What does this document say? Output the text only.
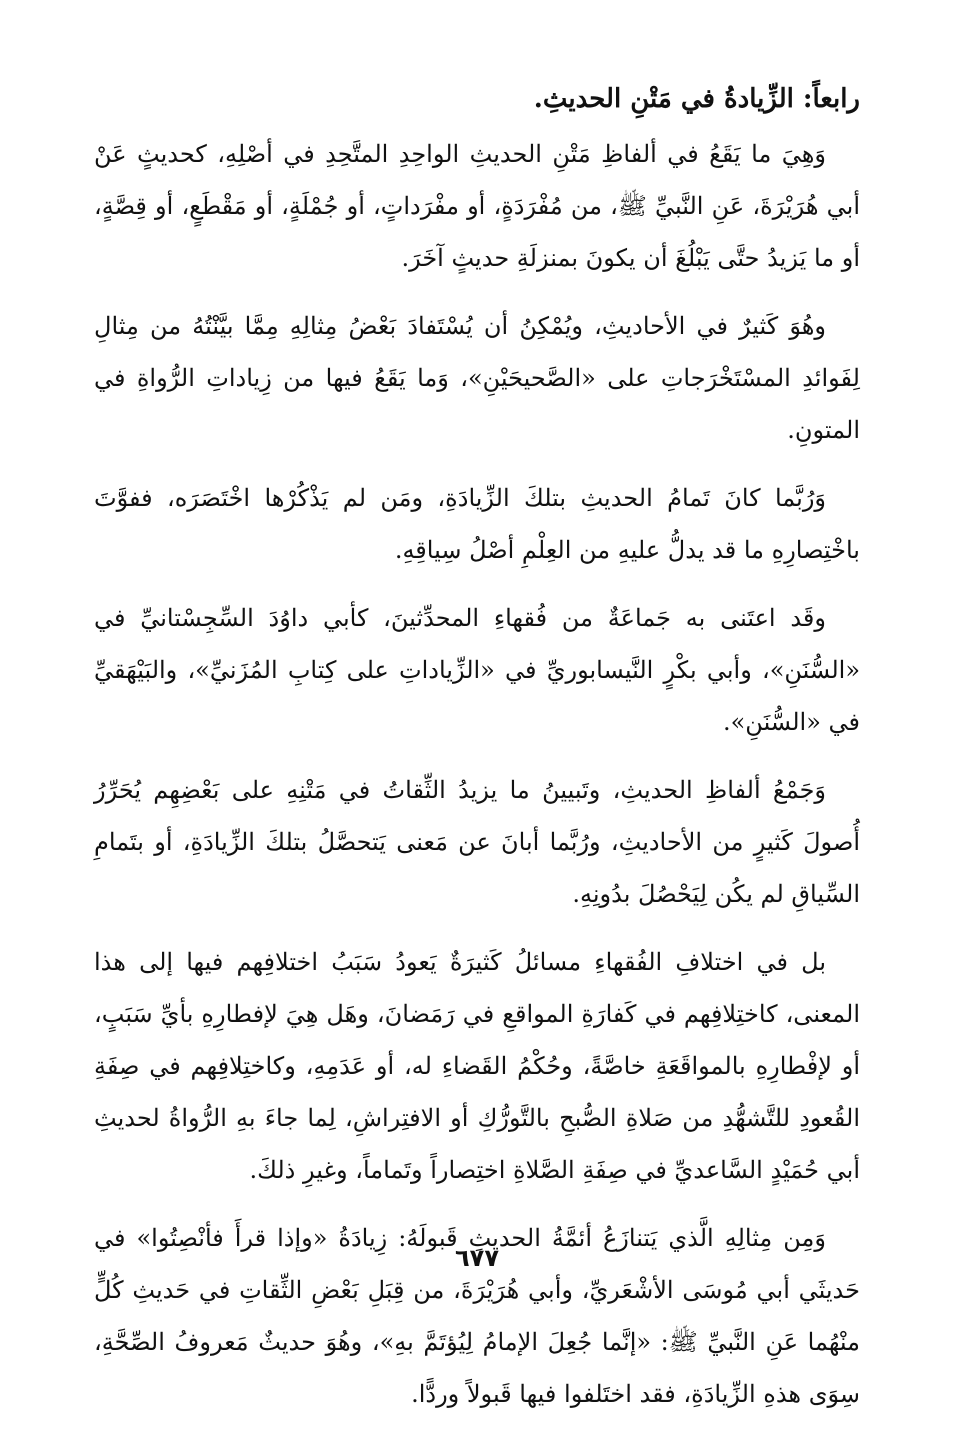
رابعاً: الزِّيادةُ في مَتْنِ الحديثِ.

وَهِيَ ما يَقَعُ في ألفاظِ مَتْنِ الحديثِ الواحِدِ المتَّحِدِ في أصْلِهِ، كحديثٍ عَنْ أبي هُرَيْرَةَ، عَنِ النَّبيِّ ﷺ، من مُفْرَدَةٍ، أو مفْرَداتٍ، أو جُمْلَةٍ، أو مَقْطَعٍ، أو قِصَّةٍ، أو ما يَزيدُ حتَّى يَبْلُغَ أن يكونَ بمنزلَةِ حديثٍ آخَرَ.

وهُوَ كَثيرٌ في الأحاديثِ، ويُمْكِنُ أن يُسْتَفادَ بَعْضُ مِثالِهِ مِمَّا بيَّنْتُهُ من مِثالِ لِفَوائدِ المسْتَخْرَجاتِ على «الصَّحيحَيْنِ»، وَما يَقَعُ فيها من زِياداتِ الرُّواةِ في المتونِ.

وَرُبَّما كانَ تَمامُ الحديثِ بتلكَ الزِّيادَةِ، ومَن لم يَذْكُرْها اخْتَصَرَه، ففوَّتَ باخْتِصارِهِ ما قد يدلُّ عليهِ من العِلْمِ أصْلُ سِياقِهِ.

وقَد اعتَنى به جَماعَةٌ من فُقهاءِ المحدِّثينَ، كأبي داوُدَ السِّجِسْتانيِّ في «السُّنَنِ»، وأبي بكْرٍ النَّيسابوريِّ في «الزِّياداتِ على كِتابِ المُزَنيِّ»، والبَيْهَقيِّ في «السُّنَنِ».

وَجَمْعُ ألفاظِ الحديثِ، وتَبيينُ ما يزيدُ الثِّقاتُ في مَتْنِهِ على بَعْضِهِم يُحَرِّرُ أُصولَ كَثيرٍ من الأحاديثِ، ورُبَّما أبانَ عن مَعنى يَتحصَّلُ بتلكَ الزِّيادَةِ، أو بتَمامِ السِّياقِ لم يكُن لِيَحْصُلَ بدُونِهِ.

بل في اختلافِ الفُقهاءِ مسائلُ كَثيرَةٌ يَعودُ سَبَبُ اختلافِهم فيها إلى هذا المعنى، كاختِلافِهم في كَفارَةِ المواقعِ في رَمَضانَ، وهَل هِيَ لإفطارِهِ بأيِّ سَبَبٍ، أو لإفْطارِهِ بالمواقَعَةِ خاصَّةً، وحُكْمُ القَضاءِ له، أو عَدَمِهِ، وكاختِلافِهم في صِفَةِ القُعودِ للتَّشهُّدِ من صَلاةِ الصُّبحِ بالتَّورُّكِ أو الافتِراشِ، لِما جاءَ بهِ الرُّواةُ لحديثِ أبي حُمَيْدٍ السَّاعديِّ في صِفَةِ الصَّلاةِ اختِصاراً وتَماماً، وغيرِ ذلكَ.

وَمِن مِثالِهِ الَّذي يَتنازَعُ أئمَّةُ الحديثِ قَبولَهُ: زِيادَةُ «وإذا قرأَ فأنْصِتُوا» في حَديثَي أبي مُوسَى الأشْعَريِّ، وأبي هُرَيْرَةَ، من قِبَلِ بَعْضِ الثِّقاتِ في حَديثِ كُلٍّ منْهُما عَنِ النَّبيِّ ﷺ: «إنَّما جُعِلَ الإمامُ لِيُؤتَمَّ بهِ»، وهُوَ حديثٌ مَعروفُ الصِّحَّةِ، سِوَى هذهِ الزِّيادَةِ، فقد اختَلفوا فيها قَبولاً وردًّا.

٦٧٧
